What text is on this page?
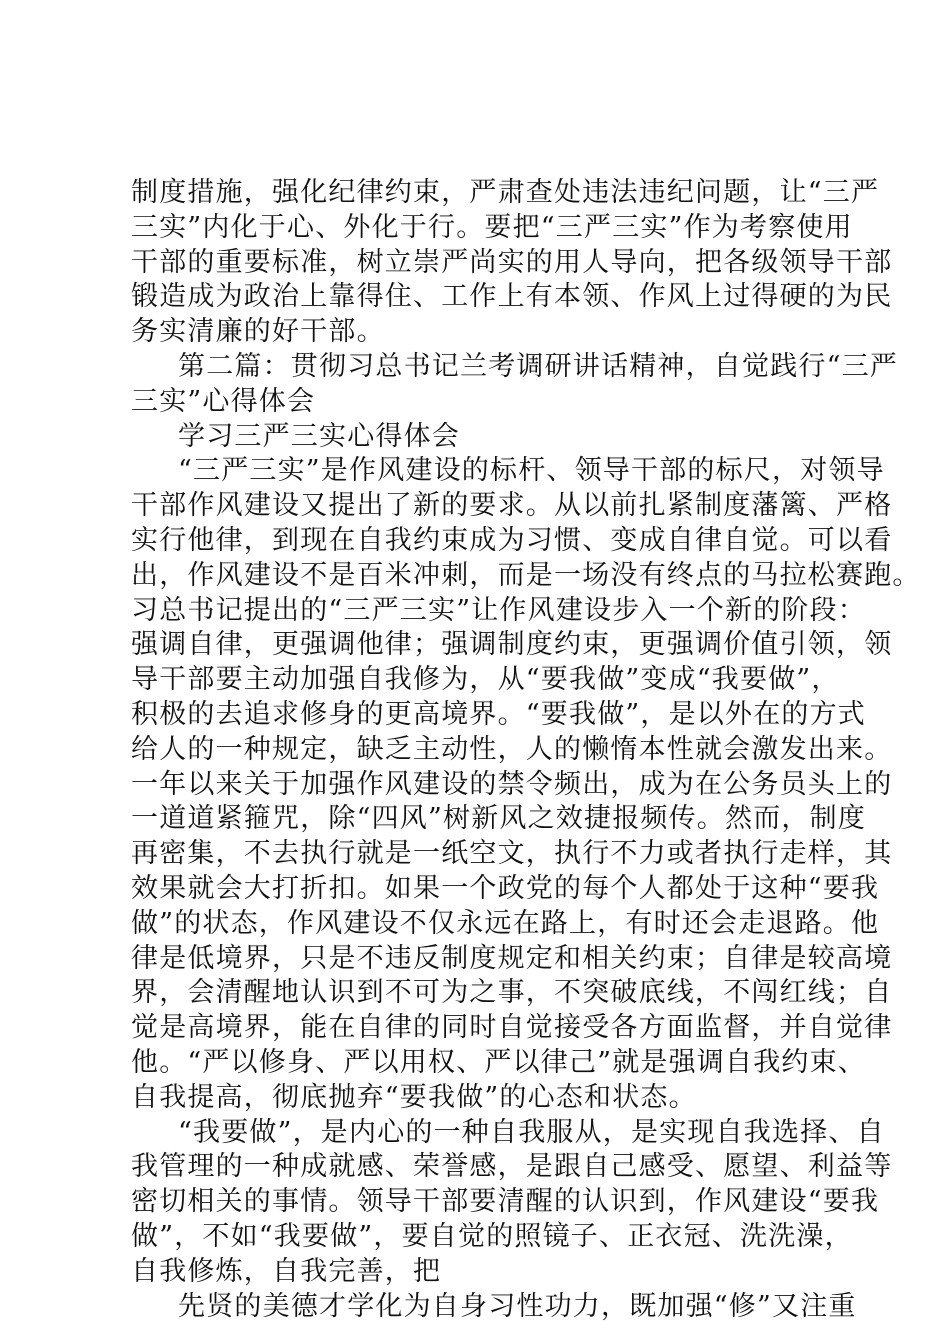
制度措施，强化纪律约束，严肃查处违法违纪问题，让“三严
三实”内化于心、外化于行。要把“三严三实”作为考察使用
干部的重要标准，树立崇严尚实的用人导向，把各级领导干部
锻造成为政治上靠得住、工作上有本领、作风上过得硬的为民
务实清廉的好干部。
第二篇：贯彻习总书记兰考调研讲话精神，自觉践行“三严
三实”心得体会
学习三严三实心得体会
“三严三实”是作风建设的标杆、领导干部的标尺，对领导
干部作风建设又提出了新的要求。从以前扎紧制度藩篱、严格
实行他律，到现在自我约束成为习惯、变成自律自觉。可以看
出，作风建设不是百米冲刺，而是一场没有终点的马拉松赛跑。
习总书记提出的“三严三实”让作风建设步入一个新的阶段：
强调自律，更强调他律；强调制度约束，更强调价值引领，领
导干部要主动加强自我修为，从“要我做”变成“我要做”，
积极的去追求修身的更高境界。“要我做”，是以外在的方式
给人的一种规定，缺乏主动性，人的懒惰本性就会激发出来。
一年以来关于加强作风建设的禁令频出，成为在公务员头上的
一道道紧箍咒，除“四风”树新风之效捷报频传。然而，制度
再密集，不去执行就是一纸空文，执行不力或者执行走样，其
效果就会大打折扣。如果一个政党的每个人都处于这种“要我
做”的状态，作风建设不仅永远在路上，有时还会走退路。他
律是低境界，只是不违反制度规定和相关约束；自律是较高境
界，会清醒地认识到不可为之事，不突破底线，不闯红线；自
觉是高境界，能在自律的同时自觉接受各方面监督，并自觉律
他。“严以修身、严以用权、严以律己”就是强调自我约束、
自我提高，彻底抛弃“要我做”的心态和状态。
“我要做”，是内心的一种自我服从，是实现自我选择、自
我管理的一种成就感、荣誉感，是跟自己感受、愿望、利益等
密切相关的事情。领导干部要清醒的认识到，作风建设“要我
做”，不如“我要做”，要自觉的照镜子、正衣冠、洗洗澡，
自我修炼，自我完善，把
先贤的美德才学化为自身习性功力，既加强“修”又注重
